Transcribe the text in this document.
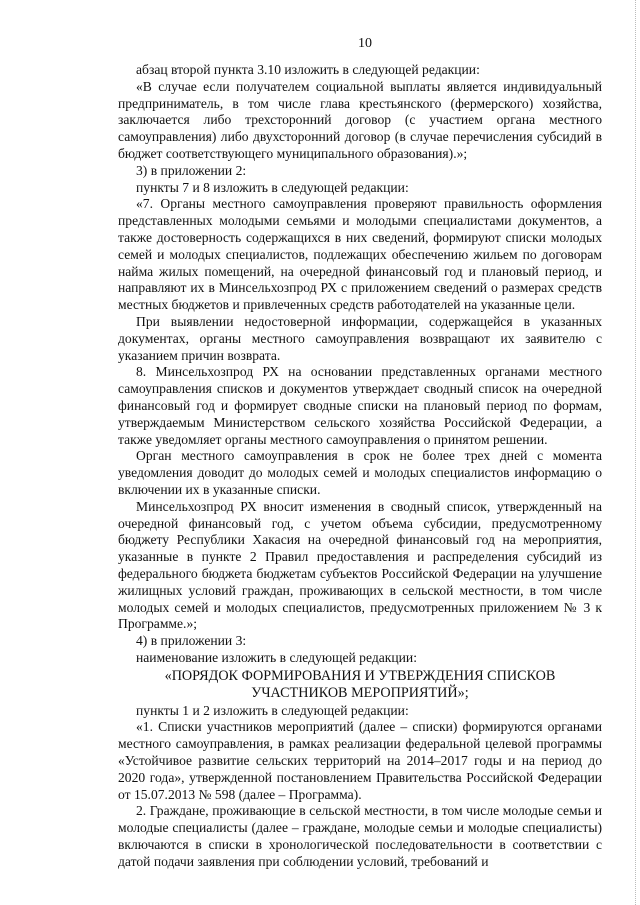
10

абзац второй пункта 3.10 изложить в следующей редакции:

«В случае если получателем социальной выплаты является индивидуальный предприниматель, в том числе глава крестьянского (фермерского) хозяйства, заключается либо трехсторонний договор (с участием органа местного самоуправления) либо двухсторонний договор (в случае перечисления субсидий в бюджет соответствующего муниципального образования).»;

3) в приложении 2:

пункты 7 и 8 изложить в следующей редакции:

«7. Органы местного самоуправления проверяют правильность оформления представленных молодыми семьями и молодыми специалистами документов, а также достоверность содержащихся в них сведений, формируют списки молодых семей и молодых специалистов, подлежащих обеспечению жильем по договорам найма жилых помещений, на очередной финансовый год и плановый период, и направляют их в Минсельхозпрод РХ с приложением сведений о размерах средств местных бюджетов и привлеченных средств работодателей на указанные цели.

При выявлении недостоверной информации, содержащейся в указанных документах, органы местного самоуправления возвращают их заявителю с указанием причин возврата.

8. Минсельхозпрод РХ на основании представленных органами местного самоуправления списков и документов утверждает сводный список на очередной финансовый год и формирует сводные списки на плановый период по формам, утверждаемым Министерством сельского хозяйства Российской Федерации, а также уведомляет органы местного самоуправления о принятом решении.

Орган местного самоуправления в срок не более трех дней с момента уведомления доводит до молодых семей и молодых специалистов информацию о включении их в указанные списки.

Минсельхозпрод РХ вносит изменения в сводный список, утвержденный на очередной финансовый год, с учетом объема субсидии, предусмотренному бюджету Республики Хакасия на очередной финансовый год на мероприятия, указанные в пункте 2 Правил предоставления и распределения субсидий из федерального бюджета бюджетам субъектов Российской Федерации на улучшение жилищных условий граждан, проживающих в сельской местности, в том числе молодых семей и молодых специалистов, предусмотренных приложением № 3 к Программе.»;

4) в приложении 3:

наименование изложить в следующей редакции:

«ПОРЯДОК ФОРМИРОВАНИЯ И УТВЕРЖДЕНИЯ СПИСКОВ
УЧАСТНИКОВ МЕРОПРИЯТИЙ»;

пункты 1 и 2 изложить в следующей редакции:

«1. Списки участников мероприятий (далее – списки) формируются органами местного самоуправления, в рамках реализации федеральной целевой программы «Устойчивое развитие сельских территорий на 2014–2017 годы и на период до 2020 года», утвержденной постановлением Правительства Российской Федерации от 15.07.2013 № 598 (далее – Программа).

2. Граждане, проживающие в сельской местности, в том числе молодые семьи и молодые специалисты (далее – граждане, молодые семьи и молодые специалисты) включаются в списки в хронологической последовательности в соответствии с датой подачи заявления при соблюдении условий, требований и
